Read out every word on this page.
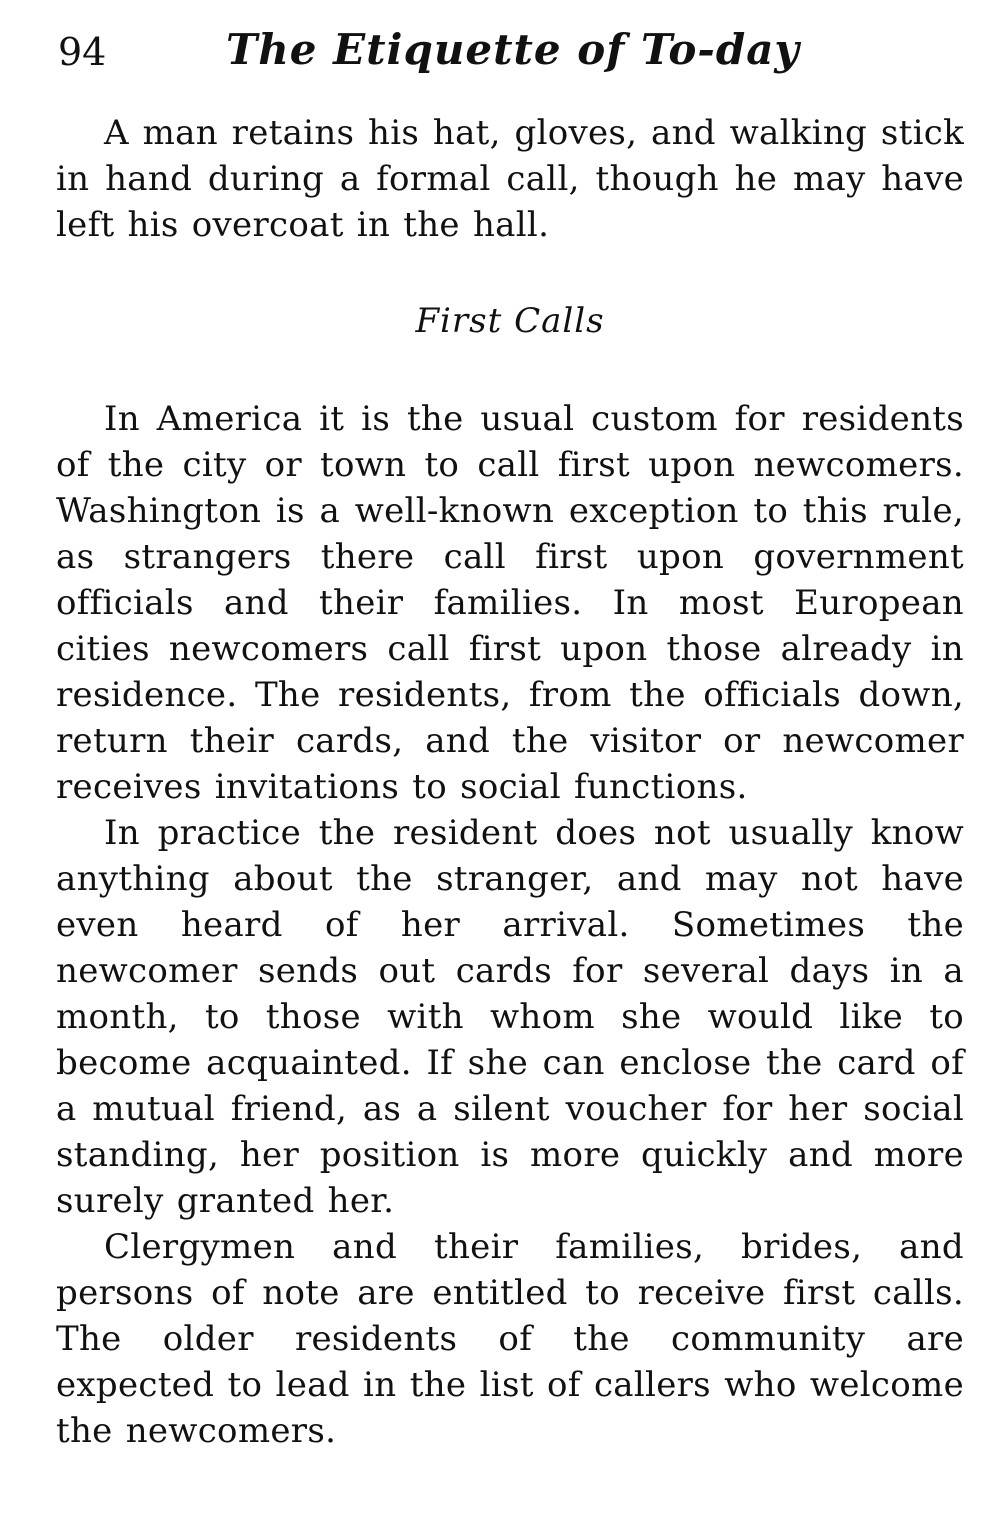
94	The Etiquette of To-day

A man retains his hat, gloves, and walking stick in hand during a formal call, though he may have left his overcoat in the hall.

First Calls

In America it is the usual custom for residents of the city or town to call first upon newcomers. Washington is a well-known exception to this rule, as strangers there call first upon government officials and their families. In most European cities newcomers call first upon those already in residence. The residents, from the officials down, return their cards, and the visitor or newcomer receives invitations to social functions.

In practice the resident does not usually know anything about the stranger, and may not have even heard of her arrival. Sometimes the newcomer sends out cards for several days in a month, to those with whom she would like to become acquainted. If she can enclose the card of a mutual friend, as a silent voucher for her social standing, her position is more quickly and more surely granted her.

Clergymen and their families, brides, and persons of note are entitled to receive first calls. The older residents of the community are expected to lead in the list of callers who welcome the newcomers.
